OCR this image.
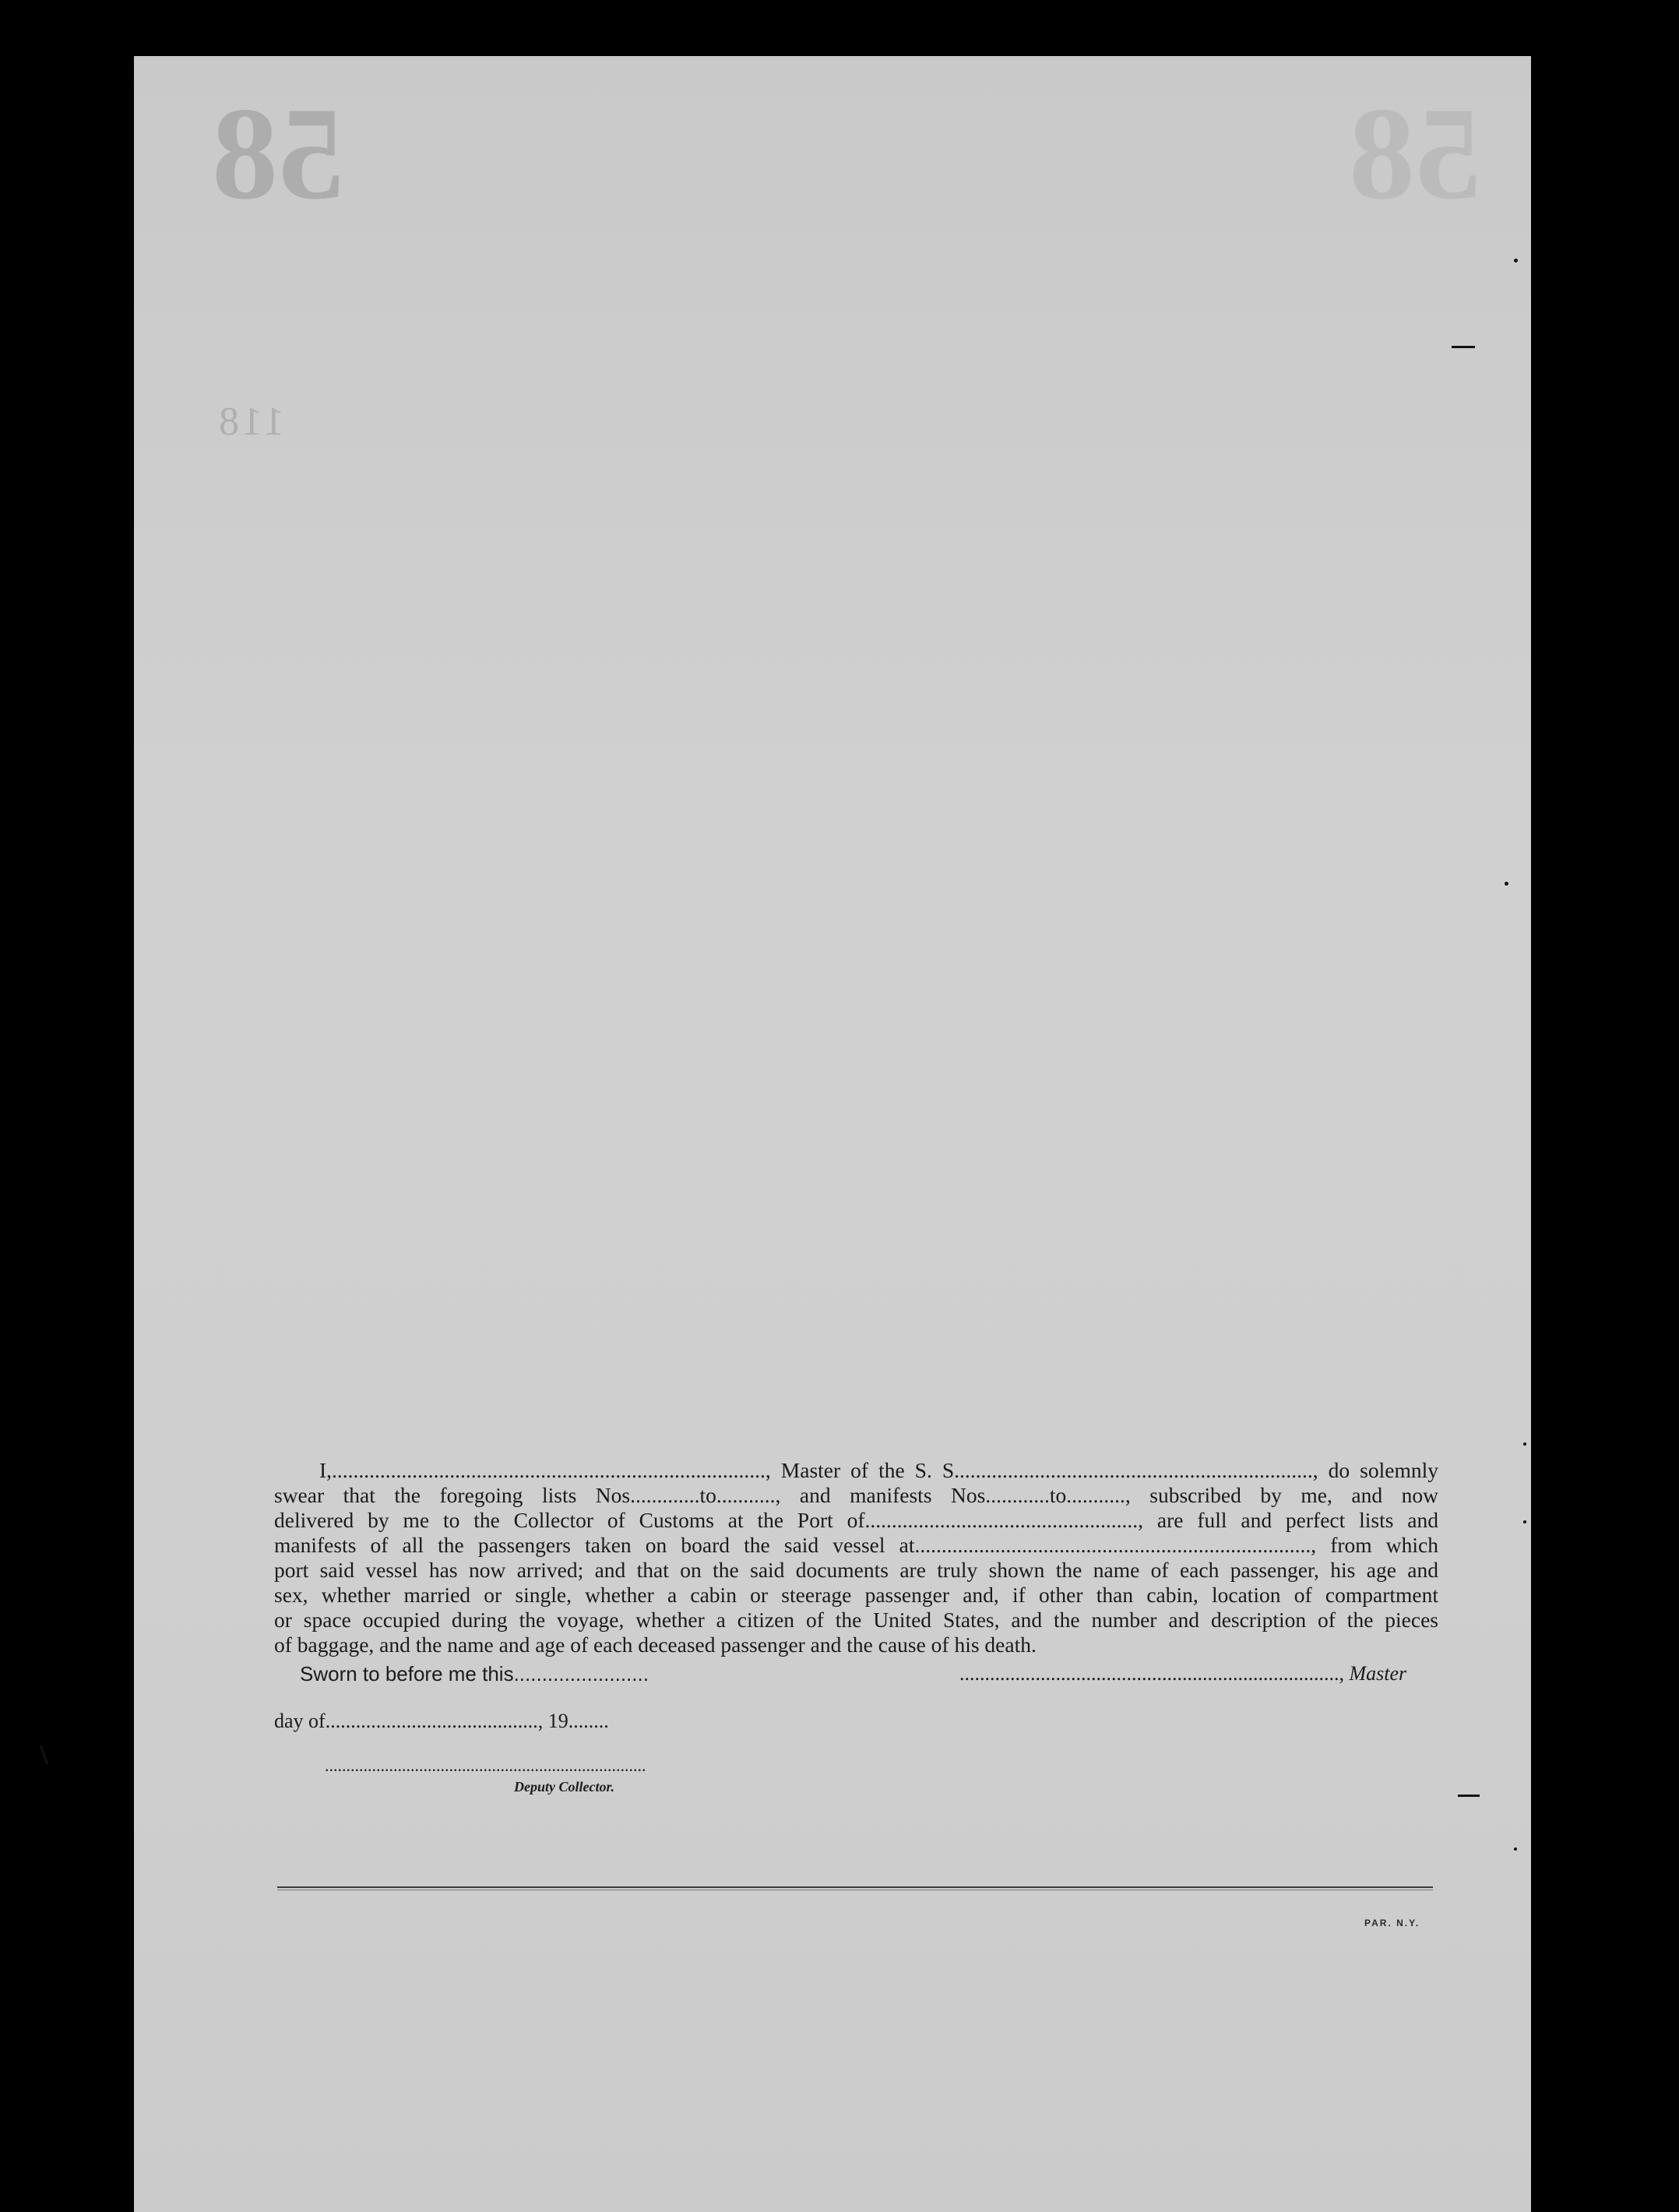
58	58
118
I,................................................................................., Master of the S. S..................................................................., do solemnly
swear that the foregoing lists Nos.............to..........., and manifests Nos............to..........., subscribed by me, and now
delivered by me to the Collector of Customs at the Port of..................................................., are full and perfect lists and
manifests of all the passengers taken on board the said vessel at.........................................................................., from which
port said vessel has now arrived; and that on the said documents are truly shown the name of each passenger, his age and
sex, whether married or single, whether a cabin or steerage passenger and, if other than cabin, location of compartment
or space occupied during the voyage, whether a citizen of the United States, and the number and description of the pieces
of baggage, and the name and age of each deceased passenger and the cause of his death.
Sworn to before me this........................	..........................................................................., Master
day of.........................................., 19........
...........................................................................
Deputy Collector.
PAR. N.Y.
